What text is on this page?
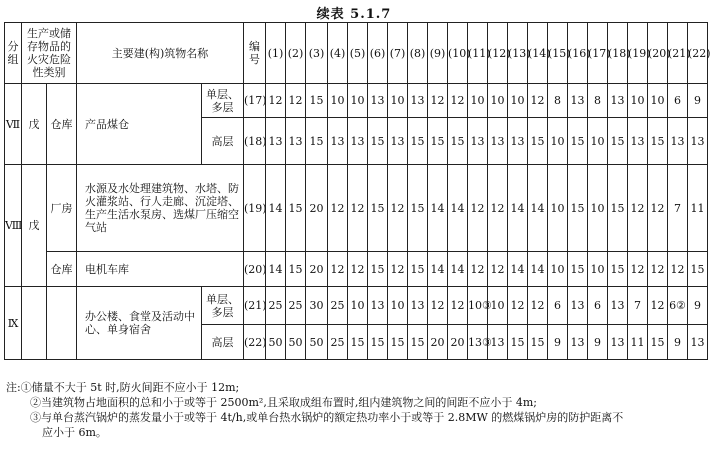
续表 5.1.7
分组	生产或储存物品的火灾危险性类别		主要建(构)筑物名称		编号	(1)	(2)	(3)	(4)	(5)	(6)	(7)	(8)	(9)	(10)	(11)	(12)	(13)	(14)	(15)	(16)	(17)	(18)	(19)	(20)	(21)	(22)
Ⅶ	戊	仓库	产品煤仓	单层、多层	(17)	12	12	15	10	10	13	10	13	12	12	10	10	10	12	8	13	8	13	10	10	6	9
				高层	(18)	13	13	15	13	13	15	13	15	15	15	13	13	13	15	10	15	10	15	13	15	13	13
Ⅷ	戊	厂房	水源及水处理建筑物、水塔、防火灌浆站、行人走廊、沉淀塔、生产生活水泵房、选煤厂压缩空气站		(19)	14	15	20	12	12	15	12	15	14	14	12	12	14	14	10	15	10	15	12	12	7	11
		仓库	电机车库		(20)	14	15	20	12	12	15	12	15	14	14	12	12	14	14	10	15	10	15	12	12	12	15
Ⅸ			办公楼、食堂及活动中心、单身宿舍	单层、多层	(21)	25	25	30	25	10	13	10	13	12	12	10③	10	12	12	6	13	6	13	7	12	6②	9
				高层	(22)	50	50	50	25	15	15	15	15	20	20	13③	13	15	15	9	13	9	13	11	15	9	13
注:①储量不大于 5t 时,防火间距不应小于 12m;
②当建筑物占地面积的总和小于或等于 2500m²,且采取成组布置时,组内建筑物之间的间距不应小于 4m;
③与单台蒸汽锅炉的蒸发量小于或等于 4t/h,或单台热水锅炉的额定热功率小于或等于 2.8MW 的燃煤锅炉房的防护距离不
应小于 6m。
